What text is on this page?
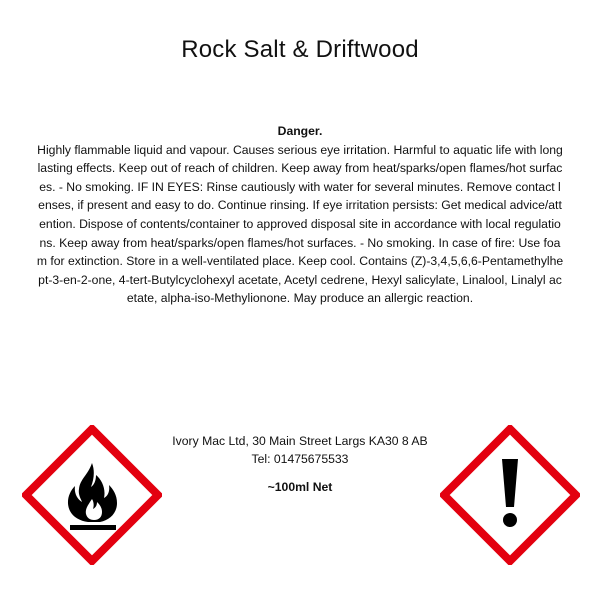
Rock Salt & Driftwood
Danger.
Highly flammable liquid and vapour. Causes serious eye irritation. Harmful to aquatic life with long lasting effects. Keep out of reach of children. Keep away from heat/sparks/open flames/hot surfaces. - No smoking. IF IN EYES: Rinse cautiously with water for several minutes. Remove contact lenses, if present and easy to do. Continue rinsing. If eye irritation persists: Get medical advice/attention. Dispose of contents/container to approved disposal site in accordance with local regulations. Keep away from heat/sparks/open flames/hot surfaces. - No smoking. In case of fire: Use foam for extinction. Store in a well-ventilated place. Keep cool. Contains (Z)-3,4,5,6,6-Pentamethylhept-3-en-2-one, 4-tert-Butylcyclohexyl acetate, Acetyl cedrene, Hexyl salicylate, Linalool, Linalyl acetate, alpha-iso-Methylionone. May produce an allergic reaction.
Ivory Mac Ltd, 30 Main Street Largs KA30 8 AB
Tel: 01475675533
~100ml Net
